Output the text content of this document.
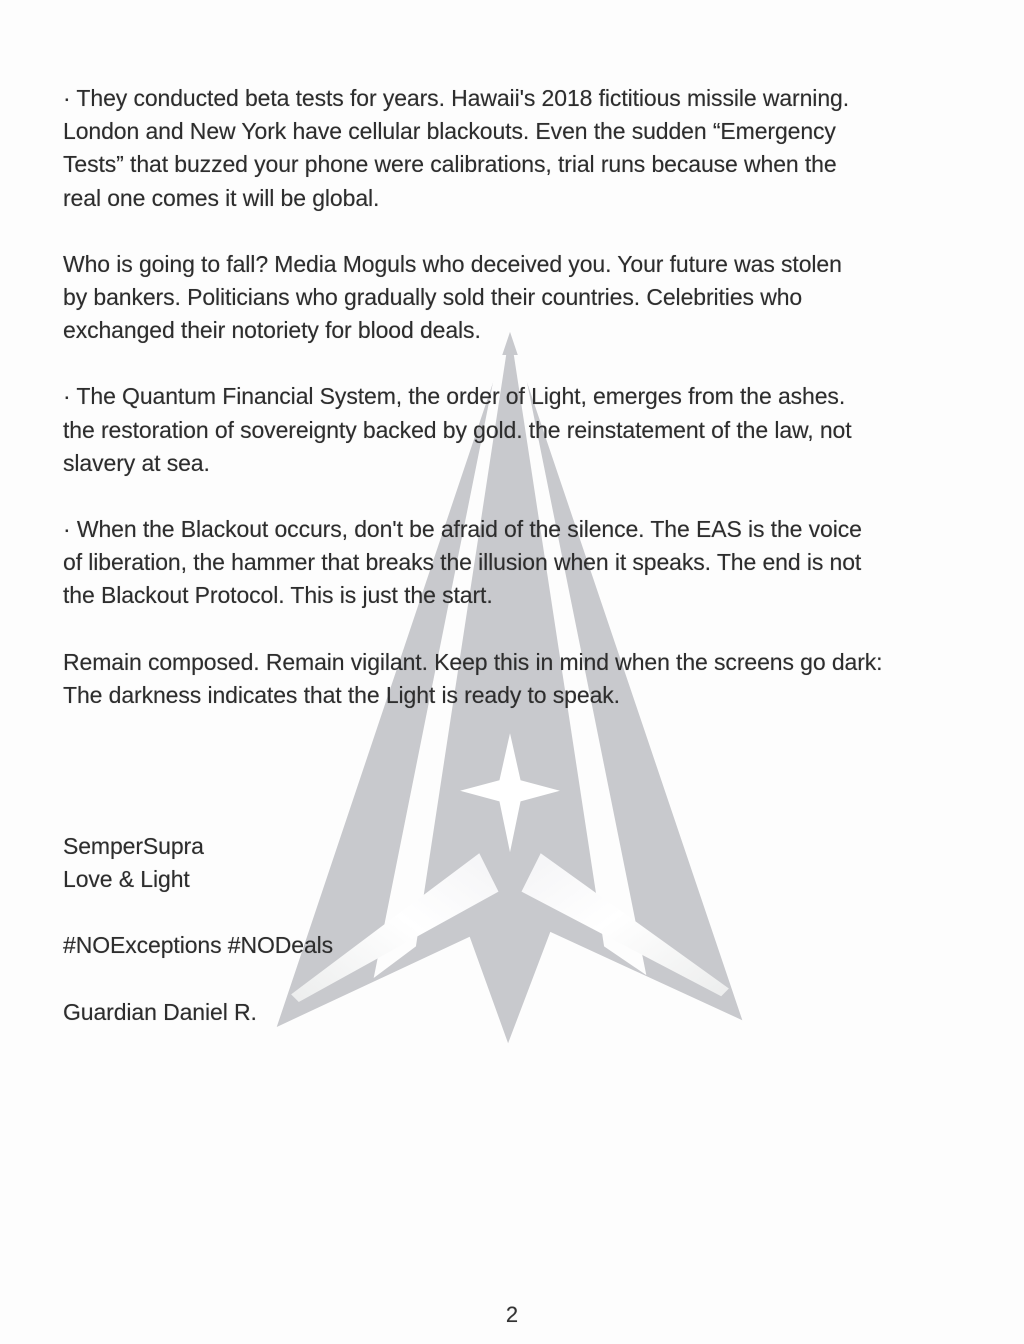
· They conducted beta tests for years. Hawaii's 2018 fictitious missile warning.
London and New York have cellular blackouts. Even the sudden “Emergency
Tests” that buzzed your phone were calibrations, trial runs because when the
real one comes it will be global.
Who is going to fall? Media Moguls who deceived you. Your future was stolen
by bankers. Politicians who gradually sold their countries. Celebrities who
exchanged their notoriety for blood deals.
· The Quantum Financial System, the order of Light, emerges from the ashes.
the restoration of sovereignty backed by gold. the reinstatement of the law, not
slavery at sea.
· When the Blackout occurs, don't be afraid of the silence. The EAS is the voice
of liberation, the hammer that breaks the illusion when it speaks. The end is not
the Blackout Protocol. This is just the start.
Remain composed. Remain vigilant. Keep this in mind when the screens go dark:
The darkness indicates that the Light is ready to speak.
SemperSupra
Love & Light
#NOExceptions #NODeals
Guardian Daniel R.
2
